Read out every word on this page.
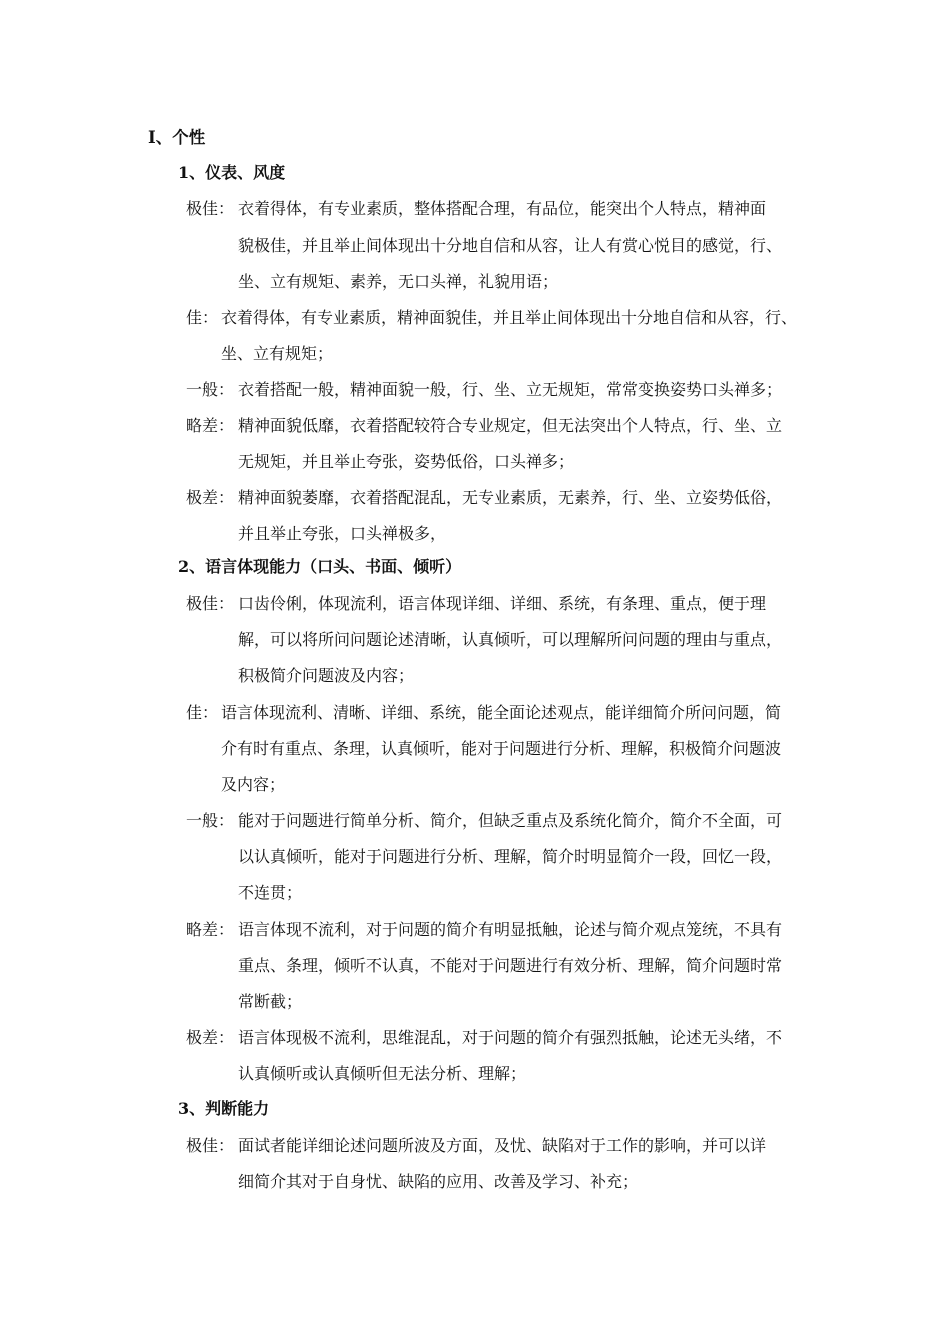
Ⅰ、个性
1、仪表、风度
极佳： 衣着得体，有专业素质，整体搭配合理，有品位，能突出个人特点，精神面
貌极佳，并且举止间体现出十分地自信和从容，让人有赏心悦目的感觉，行、
坐、立有规矩、素养，无口头禅，礼貌用语；
佳： 衣着得体，有专业素质，精神面貌佳，并且举止间体现出十分地自信和从容，行、
坐、立有规矩；
一般： 衣着搭配一般，精神面貌一般，行、坐、立无规矩，常常变换姿势口头禅多；
略差： 精神面貌低靡，衣着搭配较符合专业规定，但无法突出个人特点，行、坐、立
无规矩，并且举止夸张，姿势低俗，口头禅多；
极差： 精神面貌萎靡，衣着搭配混乱，无专业素质，无素养，行、坐、立姿势低俗，
并且举止夸张，口头禅极多，
2、语言体现能力（口头、书面、倾听）
极佳： 口齿伶俐，体现流利，语言体现详细、详细、系统，有条理、重点，便于理
解，可以将所问问题论述清晰，认真倾听，可以理解所问问题的理由与重点，
积极简介问题波及内容；
佳： 语言体现流利、清晰、详细、系统，能全面论述观点，能详细简介所问问题，简
介有时有重点、条理，认真倾听，能对于问题进行分析、理解，积极简介问题波
及内容；
一般： 能对于问题进行简单分析、简介，但缺乏重点及系统化简介，简介不全面，可
以认真倾听，能对于问题进行分析、理解，简介时明显简介一段，回忆一段，
不连贯；
略差： 语言体现不流利，对于问题的简介有明显抵触，论述与简介观点笼统，不具有
重点、条理，倾听不认真，不能对于问题进行有效分析、理解，简介问题时常
常断截；
极差： 语言体现极不流利，思维混乱，对于问题的简介有强烈抵触，论述无头绪，不
认真倾听或认真倾听但无法分析、理解；
3、判断能力
极佳： 面试者能详细论述问题所波及方面，及忧、缺陷对于工作的影响，并可以详
细简介其对于自身忧、缺陷的应用、改善及学习、补充；
